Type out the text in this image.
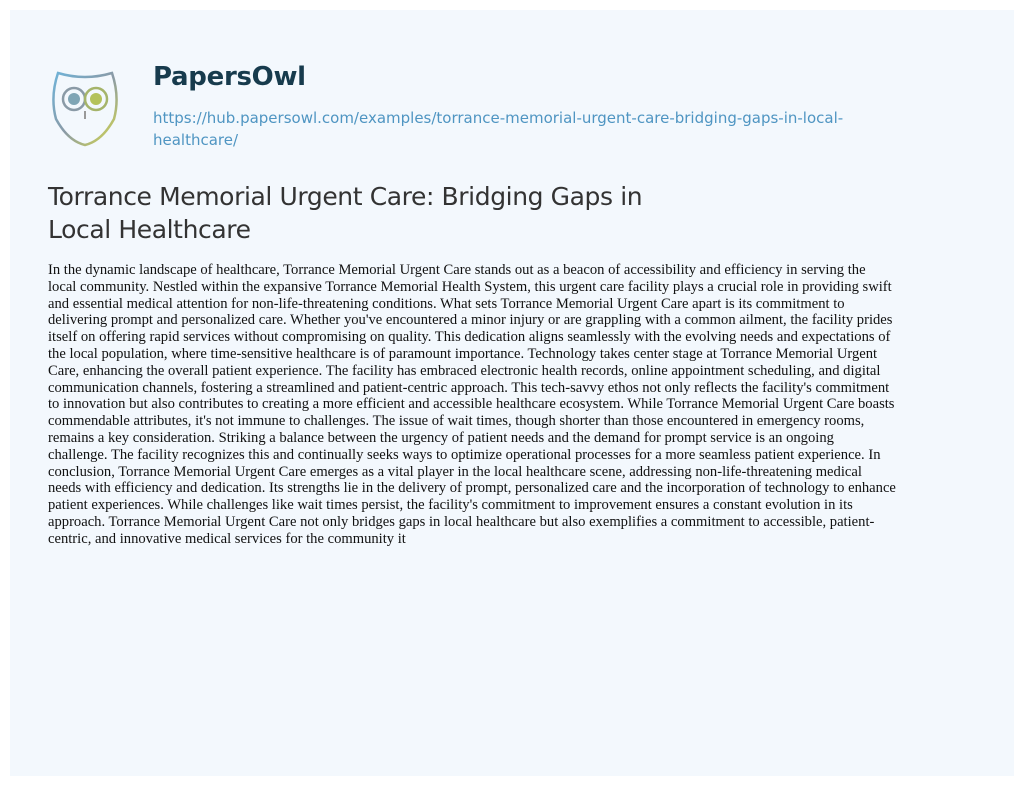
PapersOwl
https://hub.papersowl.com/examples/torrance-memorial-urgent-care-bridging-gaps-in-local-
healthcare/
Torrance Memorial Urgent Care: Bridging Gaps in
Local Healthcare
In the dynamic landscape of healthcare, Torrance Memorial Urgent Care stands out as a beacon of accessibility and efficiency in serving the
local community. Nestled within the expansive Torrance Memorial Health System, this urgent care facility plays a crucial role in providing swift
and essential medical attention for non-life-threatening conditions. What sets Torrance Memorial Urgent Care apart is its commitment to
delivering prompt and personalized care. Whether you've encountered a minor injury or are grappling with a common ailment, the facility prides
itself on offering rapid services without compromising on quality. This dedication aligns seamlessly with the evolving needs and expectations of
the local population, where time-sensitive healthcare is of paramount importance. Technology takes center stage at Torrance Memorial Urgent
Care, enhancing the overall patient experience. The facility has embraced electronic health records, online appointment scheduling, and digital
communication channels, fostering a streamlined and patient-centric approach. This tech-savvy ethos not only reflects the facility's commitment
to innovation but also contributes to creating a more efficient and accessible healthcare ecosystem. While Torrance Memorial Urgent Care boasts
commendable attributes, it's not immune to challenges. The issue of wait times, though shorter than those encountered in emergency rooms,
remains a key consideration. Striking a balance between the urgency of patient needs and the demand for prompt service is an ongoing
challenge. The facility recognizes this and continually seeks ways to optimize operational processes for a more seamless patient experience. In
conclusion, Torrance Memorial Urgent Care emerges as a vital player in the local healthcare scene, addressing non-life-threatening medical
needs with efficiency and dedication. Its strengths lie in the delivery of prompt, personalized care and the incorporation of technology to enhance
patient experiences. While challenges like wait times persist, the facility's commitment to improvement ensures a constant evolution in its
approach. Torrance Memorial Urgent Care not only bridges gaps in local healthcare but also exemplifies a commitment to accessible, patient-
centric, and innovative medical services for the community it
